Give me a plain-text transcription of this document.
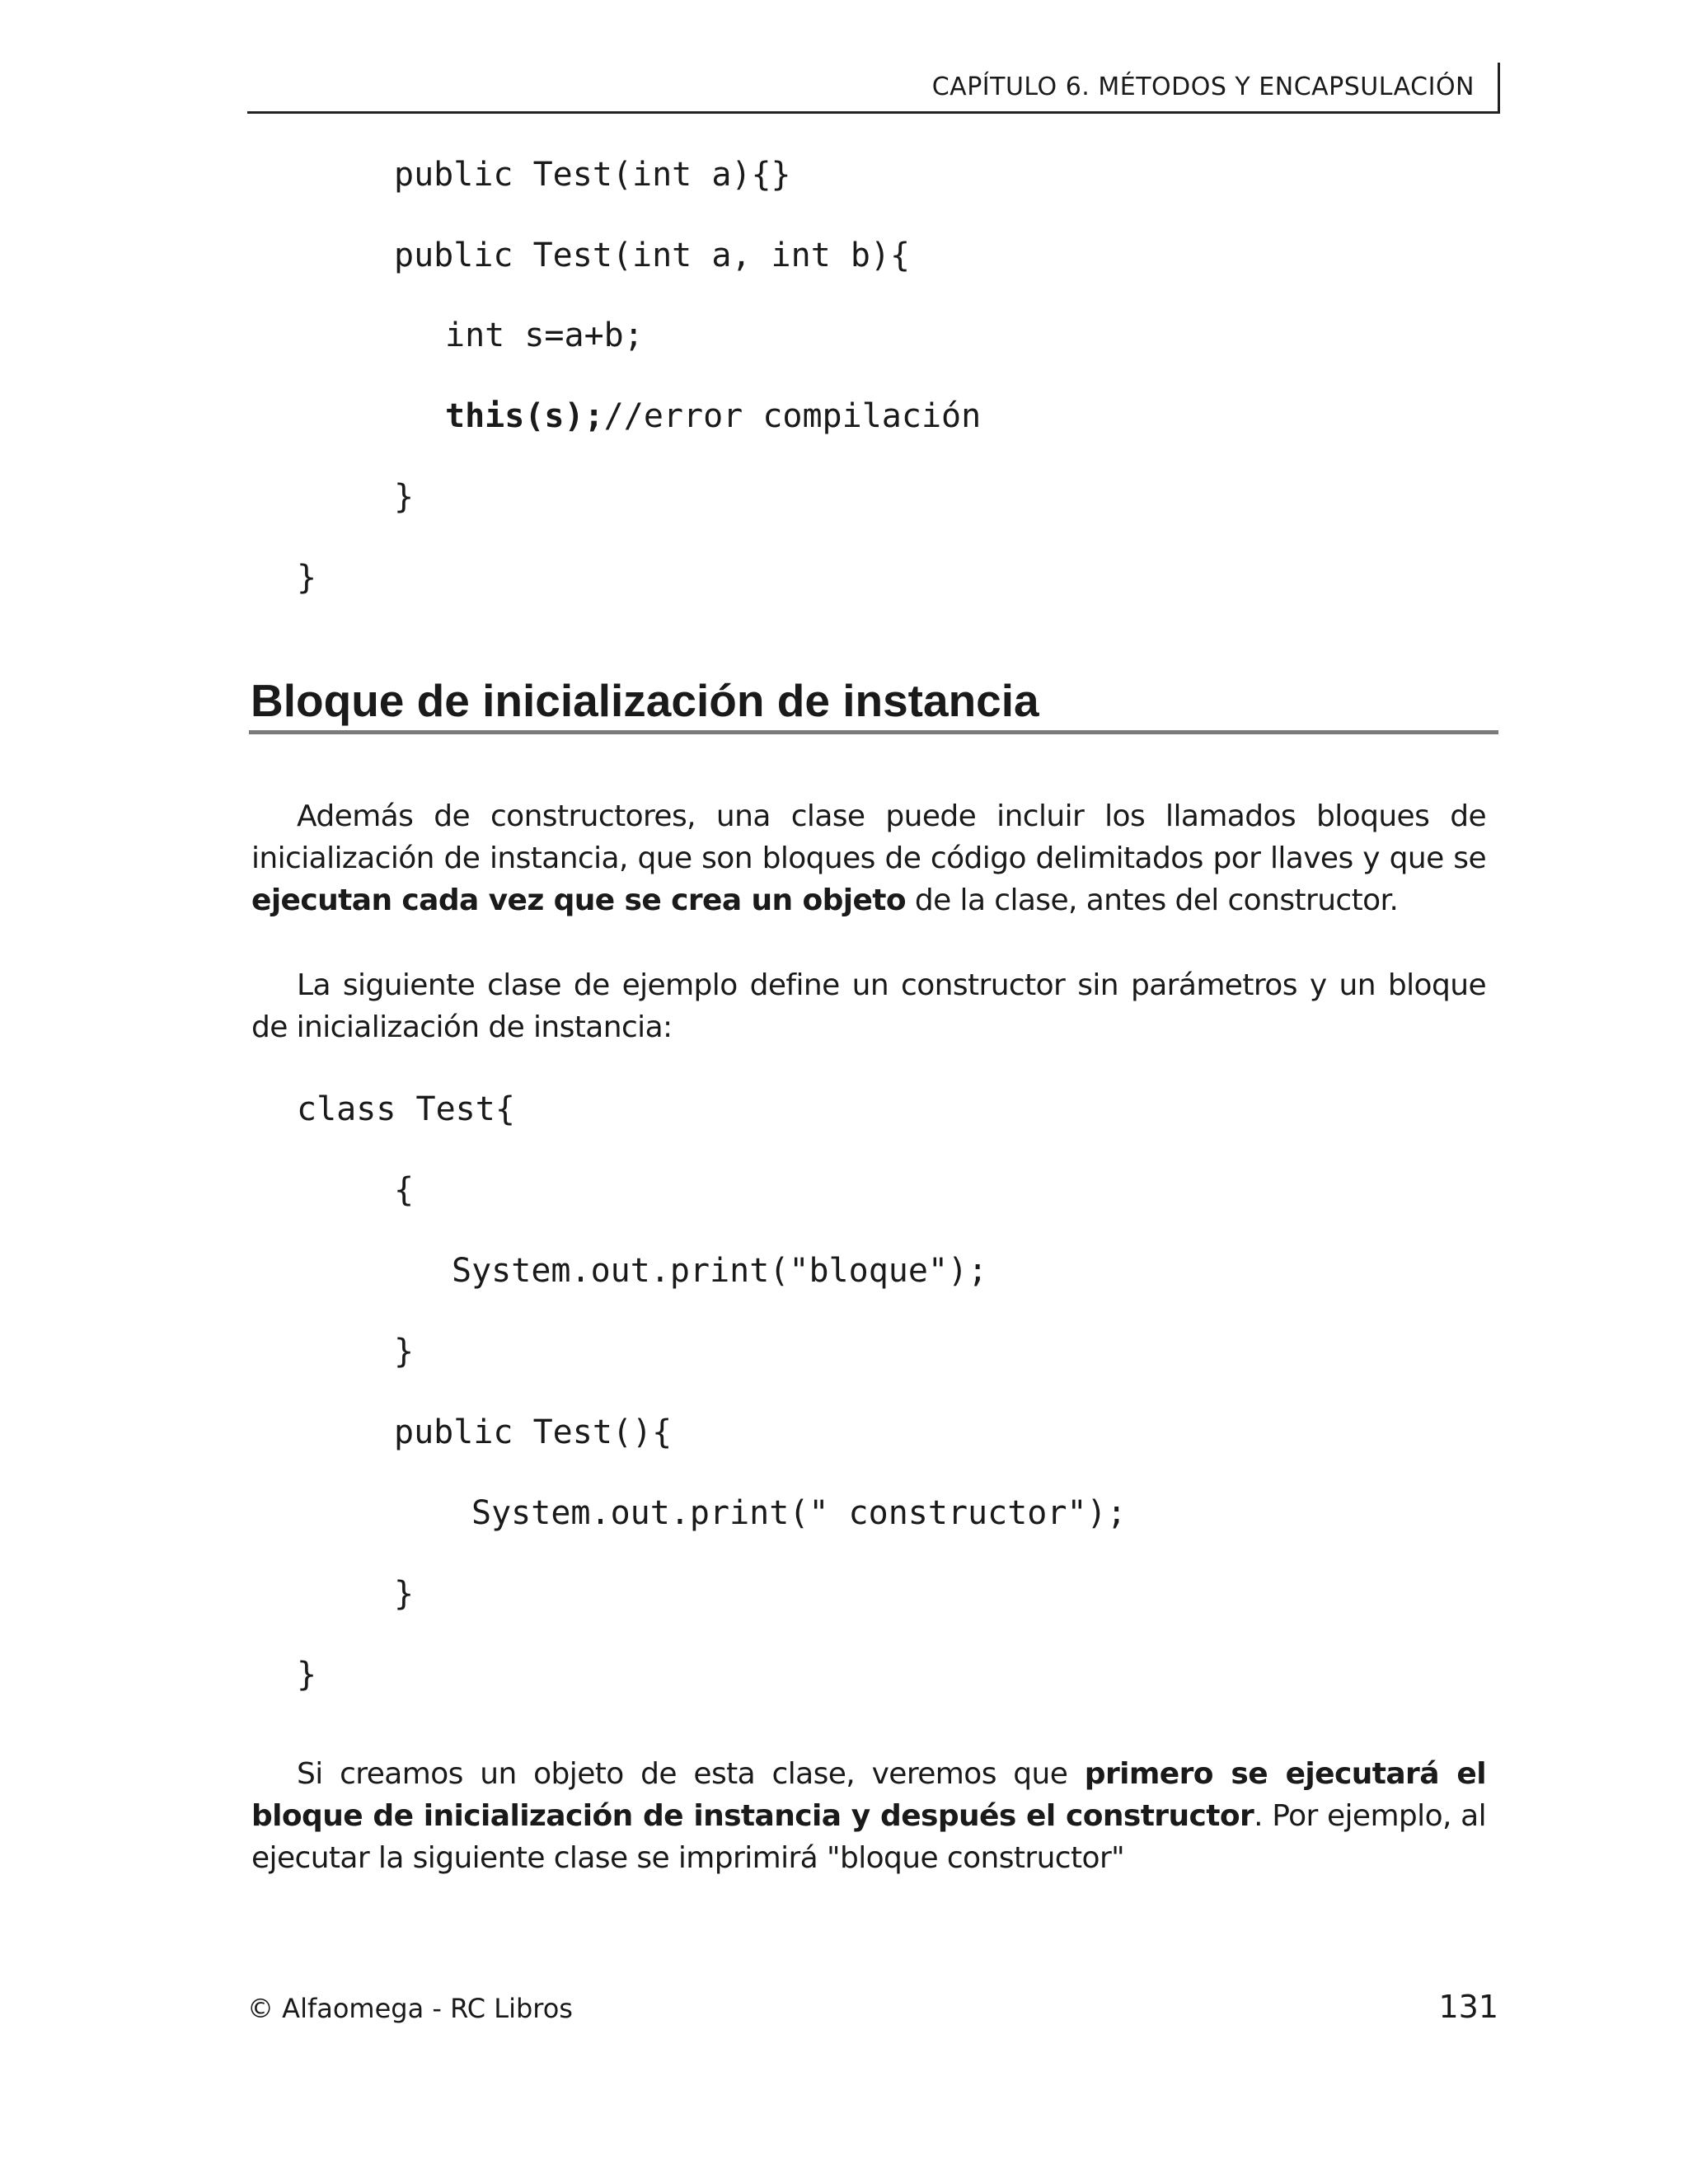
CAPÍTULO 6. MÉTODOS Y ENCAPSULACIÓN
public Test(int a){}
public Test(int a, int b){
int s=a+b;
this(s);//error compilación
}
}
Bloque de inicialización de instancia

Además de constructores, una clase puede incluir los llamados bloques de inicialización de instancia, que son bloques de código delimitados por llaves y que se ejecutan cada vez que se crea un objeto de la clase, antes del constructor.

La siguiente clase de ejemplo define un constructor sin parámetros y un bloque de inicialización de instancia:

class Test{
{
System.out.print("bloque");
}
public Test(){
System.out.print(" constructor");
}
}

Si creamos un objeto de esta clase, veremos que primero se ejecutará el bloque de inicialización de instancia y después el constructor. Por ejemplo, al ejecutar la siguiente clase se imprimirá "bloque constructor"

© Alfaomega - RC Libros	131
